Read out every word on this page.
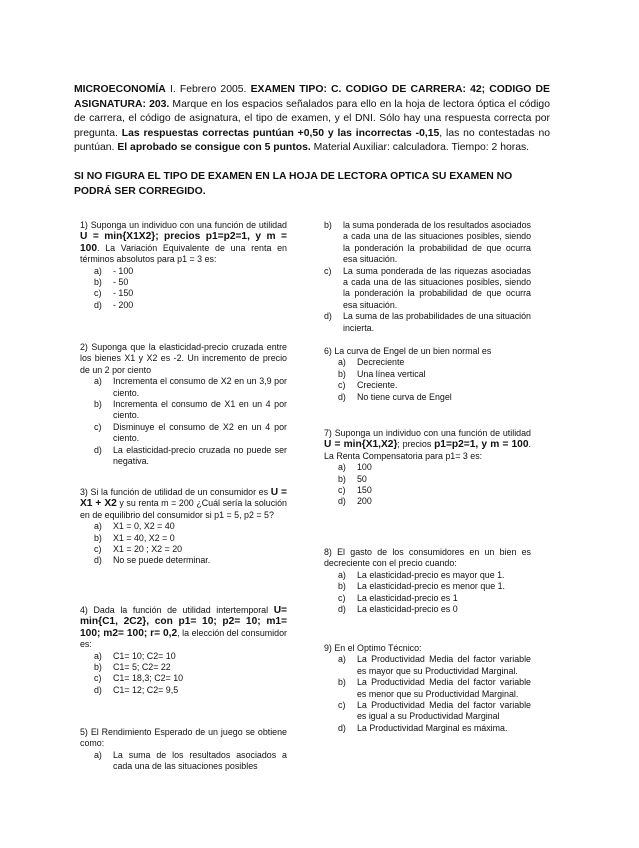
MICROECONOMÍA I. Febrero 2005. EXAMEN TIPO: C. CODIGO DE CARRERA: 42; CODIGO DE ASIGNATURA: 203. Marque en los espacios señalados para ello en la hoja de lectora óptica el código de carrera, el código de asignatura, el tipo de examen, y el DNI. Sólo hay una respuesta correcta por pregunta. Las respuestas correctas puntúan +0,50 y las incorrectas -0,15, las no contestadas no puntúan. El aprobado se consigue con 5 puntos. Material Auxiliar: calculadora. Tiempo: 2 horas.
SI NO FIGURA EL TIPO DE EXAMEN EN LA HOJA DE LECTORA OPTICA SU EXAMEN NO PODRÁ SER CORREGIDO.
1) Suponga un individuo con una función de utilidad U = min{X1X2}; precios p1=p2=1, y m = 100. La Variación Equivalente de una renta en términos absolutos para p1 = 3 es:
a)	- 100
b)	- 50
c)	- 150
d)	- 200
2) Suponga que la elasticidad-precio cruzada entre los bienes X1 y X2 es -2. Un incremento de precio de un 2 por ciento
a)	Incrementa el consumo de X2 en un 3,9 por ciento.
b)	Incrementa el consumo de X1 en un 4 por ciento.
c)	Disminuye el consumo de X2 en un 4 por ciento.
d)	La elasticidad-precio cruzada no puede ser negativa.
3) Si la función de utilidad de un consumidor es U = X1 + X2 y su renta m = 200 ¿Cuál sería la solución en de equilibrio del consumidor si p1 = 5, p2 = 5?
a)	X1 = 0, X2 = 40
b)	X1 = 40, X2 = 0
c)	X1 = 20 ; X2 = 20
d)	No se puede determinar.
4) Dada la función de utilidad intertemporal U= min{C1, 2C2}, con p1= 10; p2= 10; m1= 100; m2= 100; r= 0,2, la elección del consumidor es:
a)	C1= 10; C2= 10
b)	C1= 5; C2= 22
c)	C1= 18,3; C2= 10
d)	C1= 12; C2= 9,5
5) El Rendimiento Esperado de un juego se obtiene como:
a)	La suma de los resultados asociados a cada una de las situaciones posibles
b)	la suma ponderada de los resultados asociados a cada una de las situaciones posibles, siendo la ponderación la probabilidad de que ocurra esa situación.
c)	La suma ponderada de las riquezas asociadas a cada una de las situaciones posibles, siendo la ponderación la probabilidad de que ocurra esa situación.
d)	La suma de las probabilidades de una situación incierta.
6) La curva de Engel de un bien normal es
a)	Decreciente
b)	Una línea vertical
c)	Creciente.
d)	No tiene curva de Engel
7) Suponga un individuo con una función de utilidad U = min{X1,X2}; precios p1=p2=1, y m = 100. La Renta Compensatoria para p1= 3 es:
a)	100
b)	50
c)	150
d)	200
8) El gasto de los consumidores en un bien es decreciente con el precio cuando:
a)	La elasticidad-precio es mayor que 1.
b)	La elasticidad-precio es menor que 1.
c)	La elasticidad-precio es 1
d)	La elasticidad-precio es 0
9) En el Optimo Técnico:
a)	La Productividad Media del factor variable es mayor que su Productividad Marginal.
b)	La Productividad Media del factor variable es menor que su Productividad Marginal.
c)	La Productividad Media del factor variable es igual a su Productividad Marginal
d)	La Productividad Marginal es máxima.
